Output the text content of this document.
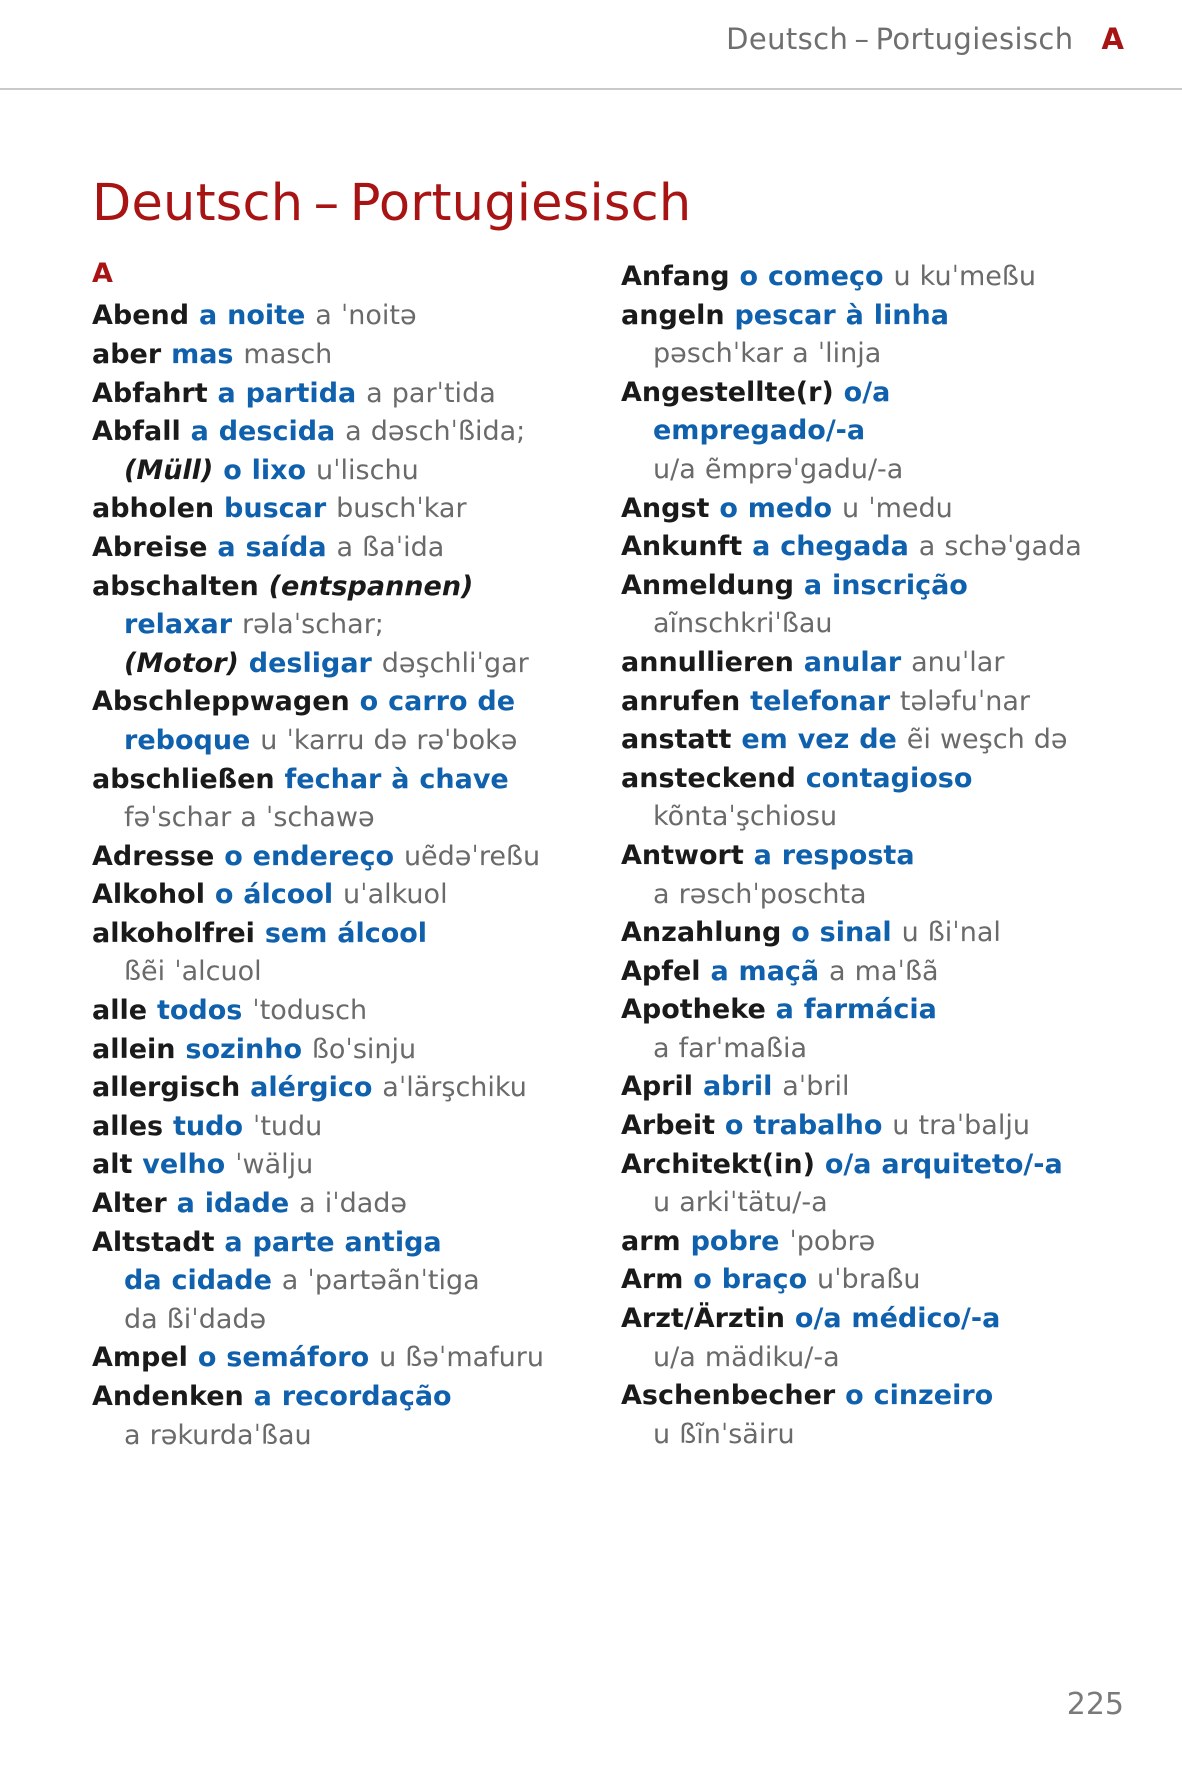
Deutsch – Portugiesisch A
Deutsch – Portugiesisch
A
Abend a noite a ˈnoitə
aber mas masch
Abfahrt a partida a parˈtida
Abfall a descida a dəschˈßida;
(Müll) o lixo uˈlischu
abholen buscar buschˈkar
Abreise a saída a ßaˈida
abschalten (entspannen)
relaxar rəlaˈschar;
(Motor) desligar dəşchliˈgar
Abschleppwagen o carro de
reboque u ˈkarru də rəˈbokə
abschließen fechar à chave
fəˈschar a ˈschawə
Adresse o endereço uẽdəˈreßu
Alkohol o álcool uˈalkuol
alkoholfrei sem álcool
ßẽi ˈalcuol
alle todos ˈtodusch
allein sozinho ßoˈsinju
allergisch alérgico aˈlärşchiku
alles tudo ˈtudu
alt velho ˈwälju
Alter a idade a iˈdadə
Altstadt a parte antiga
da cidade a ˈpartəãnˈtiga
da ßiˈdadə
Ampel o semáforo u ßəˈmafuru
Andenken a recordação
a rəkurdaˈßau
Anfang o começo u kuˈmeßu
angeln pescar à linha
pəschˈkar a ˈlinja
Angestellte(r) o/a
empregado/-a
u/a ẽmprəˈgadu/-a
Angst o medo u ˈmedu
Ankunft a chegada a schəˈgada
Anmeldung a inscrição
aĩnschkriˈßau
annullieren anular anuˈlar
anrufen telefonar tələfuˈnar
anstatt em vez de ẽi weşch də
ansteckend contagioso
kõntaˈşchiosu
Antwort a resposta
a rəschˈposchta
Anzahlung o sinal u ßiˈnal
Apfel a maçã a maˈßã
Apotheke a farmácia
a farˈmaßia
April abril aˈbril
Arbeit o trabalho u traˈbalju
Architekt(in) o/a arquiteto/-a
u arkiˈtätu/-a
arm pobre ˈpobrə
Arm o braço uˈbraßu
Arzt/Ärztin o/a médico/-a
u/a mädiku/-a
Aschenbecher o cinzeiro
u ßĩnˈsäiru
225
